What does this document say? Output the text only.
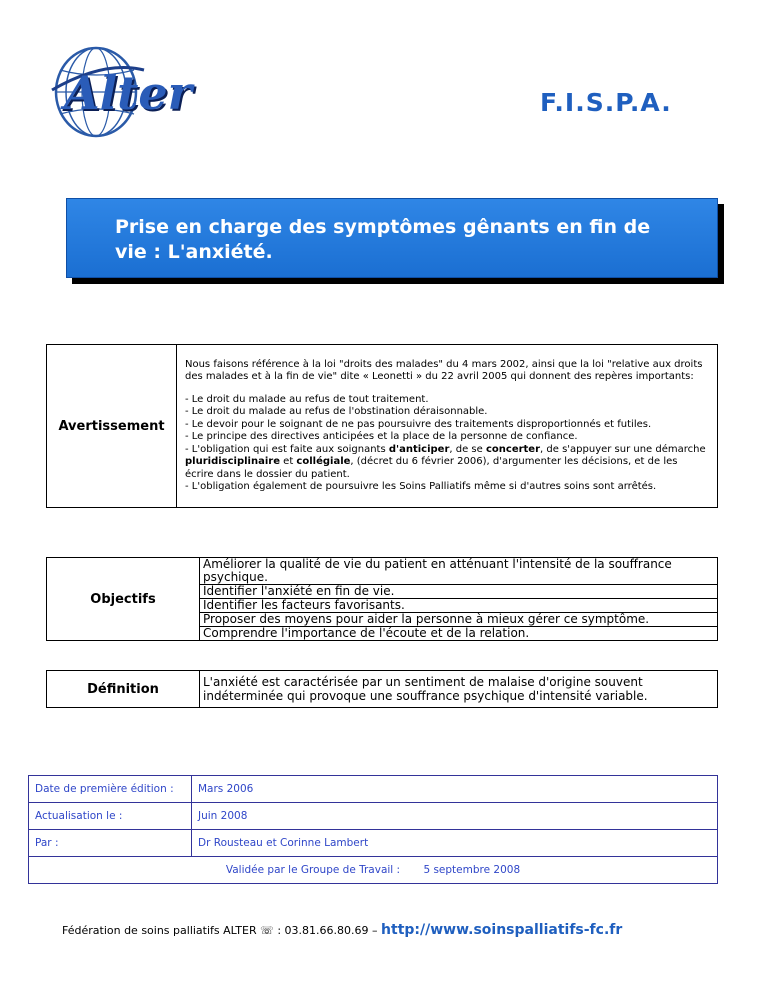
Alter	F.I.S.P.A.
Prise en charge des symptômes gênants en fin de vie : L'anxiété.
Avertissement	

Nous faisons référence à la loi "droits des malades" du 4 mars 2002, ainsi que la loi "relative aux droits des malades et à la fin de vie" dite « Leonetti » du 22 avril 2005 qui donnent des repères importants:

- Le droit du malade au refus de tout traitement.
- Le droit du malade au refus de l'obstination déraisonnable.
- Le devoir pour le soignant de ne pas poursuivre des traitements disproportionnés et futiles.
- Le principe des directives anticipées et la place de la personne de confiance.
- L'obligation qui est faite aux soignants d'anticiper, de se concerter, de s'appuyer sur une démarche pluridisciplinaire et collégiale, (décret du 6 février 2006), d'argumenter les décisions, et de les écrire dans le dossier du patient.
- L'obligation également de poursuivre les Soins Palliatifs même si d'autres soins sont arrêtés.
Objectifs	Améliorer la qualité de vie du patient en atténuant l'intensité de la souffrance psychique.
Identifier l'anxiété en fin de vie.
Identifier les facteurs favorisants.
Proposer des moyens pour aider la personne à mieux gérer ce symptôme.
Comprendre l'importance de l'écoute et de la relation.
Définition	L'anxiété est caractérisée par un sentiment de malaise d'origine souvent indéterminée qui provoque une souffrance psychique d'intensité variable.
Date de première édition :	Mars 2006
Actualisation le :	Juin 2008
Par :	Dr Rousteau et Corinne Lambert
Validée par le Groupe de Travail : 5 septembre 2008	
Fédération de soins palliatifs ALTER ☏ : 03.81.66.80.69 – http://www.soinspalliatifs-fc.fr
